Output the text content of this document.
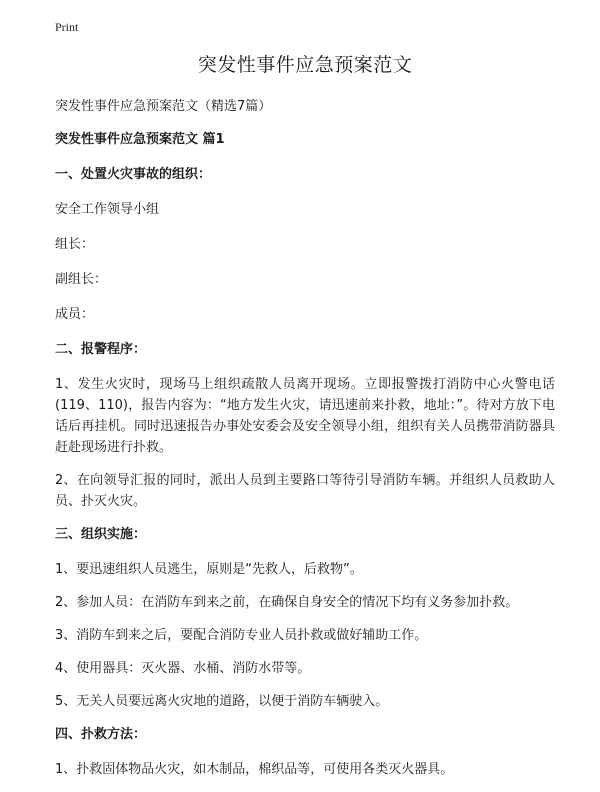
Print
突发性事件应急预案范文

突发性事件应急预案范文（精选7篇）

突发性事件应急预案范文 篇1

一、处置火灾事故的组织：

安全工作领导小组

组长：

副组长：

成员：

二、报警程序：

1、发生火灾时，现场马上组织疏散人员离开现场。立即报警拨打消防中心火警电话(119、110)，报告内容为：“地方发生火灾，请迅速前来扑救，地址：”。待对方放下电话后再挂机。同时迅速报告办事处安委会及安全领导小组，组织有关人员携带消防器具赶赴现场进行扑救。

2、在向领导汇报的同时，派出人员到主要路口等待引导消防车辆。并组织人员救助人员、扑灭火灾。

三、组织实施：

1、要迅速组织人员逃生，原则是“先救人，后救物”。

2、参加人员：在消防车到来之前，在确保自身安全的情况下均有义务参加扑救。

3、消防车到来之后，要配合消防专业人员扑救或做好辅助工作。

4、使用器具：灭火器、水桶、消防水带等。

5、无关人员要远离火灾地的道路，以便于消防车辆驶入。

四、扑救方法：

1、扑救固体物品火灾，如木制品，棉织品等，可使用各类灭火器具。
